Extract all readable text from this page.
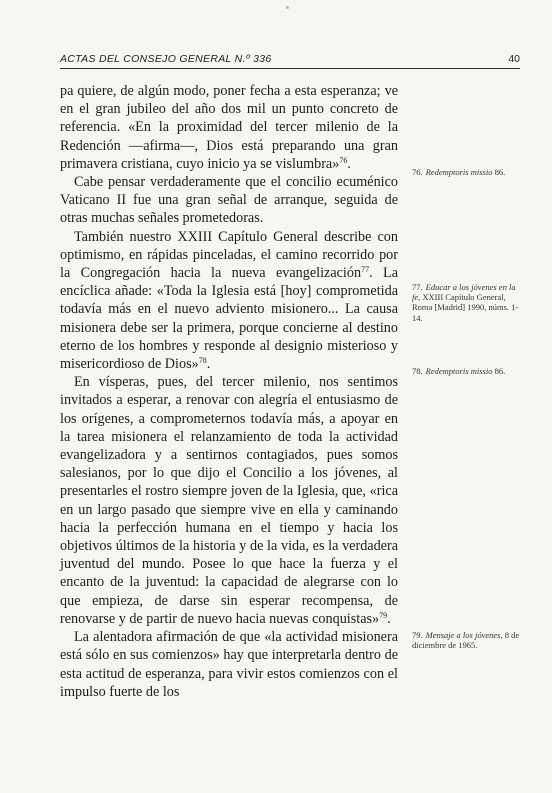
ACTAS DEL CONSEJO GENERAL N.º 336	40

pa quiere, de algún modo, poner fecha a esta esperanza; ve en el gran jubileo del año dos mil un punto concreto de referencia. «En la proximidad del tercer milenio de la Redención —afirma—, Dios está preparando una gran primavera cristiana, cuyo inicio ya se vislumbra»$^{76}$.

Cabe pensar verdaderamente que el concilio ecuménico Vaticano II fue una gran señal de arranque, seguida de otras muchas señales prometedoras.

También nuestro XXIII Capítulo General describe con optimismo, en rápidas pinceladas, el camino recorrido por la Congregación hacia la nueva evangelización$^{77}$. La encíclica añade: «Toda la Iglesia está [hoy] comprometida todavía más en el nuevo adviento misionero... La causa misionera debe ser la primera, porque concierne al destino eterno de los hombres y responde al designio misterioso y misericordioso de Dios»$^{78}$.

En vísperas, pues, del tercer milenio, nos sentimos invitados a esperar, a renovar con alegría el entusiasmo de los orígenes, a comprometernos todavía más, a apoyar en la tarea misionera el relanzamiento de toda la actividad evangelizadora y a sentirnos contagiados, pues somos salesianos, por lo que dijo el Concilio a los jóvenes, al presentarles el rostro siempre joven de la Iglesia, que, «rica en un largo pasado que siempre vive en ella y caminando hacia la perfección humana en el tiempo y hacia los objetivos últimos de la historia y de la vida, es la verdadera juventud del mundo. Posee lo que hace la fuerza y el encanto de la juventud: la capacidad de alegrarse con lo que empieza, de darse sin esperar recompensa, de renovarse y de partir de nuevo hacia nuevas conquistas»$^{79}$.

La alentadora afirmación de que «la actividad misionera está sólo en sus comienzos» hay que interpretarla dentro de esta actitud de esperanza, para vivir estos comienzos con el impulso fuerte de los

76. Redemptoris missio 86.
77. Educar a los jóvenes en la fe, XXIII Capítulo General, Roma [Madrid] 1990, núms. 1-14.
78. Redemptoris missio 86.
79. Mensaje a los jóvenes, 8 de diciembre de 1965.
